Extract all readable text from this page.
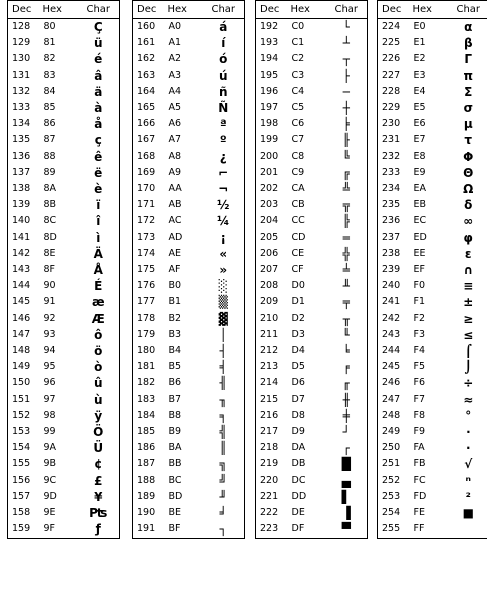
Dec	Hex	Char
128	80	Ç
129	81	ü
130	82	é
131	83	â
132	84	ä
133	85	à
134	86	å
135	87	ç
136	88	ê
137	89	ë
138	8A	è
139	8B	ï
140	8C	î
141	8D	ì
142	8E	Ä
143	8F	Å
144	90	É
145	91	æ
146	92	Æ
147	93	ô
148	94	ö
149	95	ò
150	96	û
151	97	ù
152	98	ÿ
153	99	Ö
154	9A	Ü
155	9B	¢
156	9C	£
157	9D	¥
158	9E	₧
159	9F	ƒ
Dec	Hex	Char
160	A0	á
161	A1	í
162	A2	ó
163	A3	ú
164	A4	ñ
165	A5	Ñ
166	A6	ª
167	A7	º
168	A8	¿
169	A9	⌐
170	AA	¬
171	AB	½
172	AC	¼
173	AD	¡
174	AE	«
175	AF	»
176	B0	░
177	B1	▒
178	B2	▓
179	B3	│
180	B4	┤
181	B5	╡
182	B6	╢
183	B7	╖
184	B8	╕
185	B9	╣
186	BA	║
187	BB	╗
188	BC	╝
189	BD	╜
190	BE	╛
191	BF	┐
Dec	Hex	Char
192	C0	└
193	C1	┴
194	C2	┬
195	C3	├
196	C4	─
197	C5	┼
198	C6	╞
199	C7	╟
200	C8	╚
201	C9	╔
202	CA	╩
203	CB	╦
204	CC	╠
205	CD	═
206	CE	╬
207	CF	╧
208	D0	╨
209	D1	╤
210	D2	╥
211	D3	╙
212	D4	╘
213	D5	╒
214	D6	╓
215	D7	╫
216	D8	╪
217	D9	┘
218	DA	┌
219	DB	█
220	DC	▄
221	DD	▌
222	DE	▐
223	DF	▀
Dec	Hex	Char
224	E0	α
225	E1	β
226	E2	Γ
227	E3	π
228	E4	Σ
229	E5	σ
230	E6	µ
231	E7	τ
232	E8	Φ
233	E9	Θ
234	EA	Ω
235	EB	δ
236	EC	∞
237	ED	φ
238	EE	ε
239	EF	∩
240	F0	≡
241	F1	±
242	F2	≥
243	F3	≤
244	F4	⌠
245	F5	⌡
246	F6	÷
247	F7	≈
248	F8	°
249	F9	∙
250	FA	·
251	FB	√
252	FC	ⁿ
253	FD	²
254	FE	■
255	FF	
